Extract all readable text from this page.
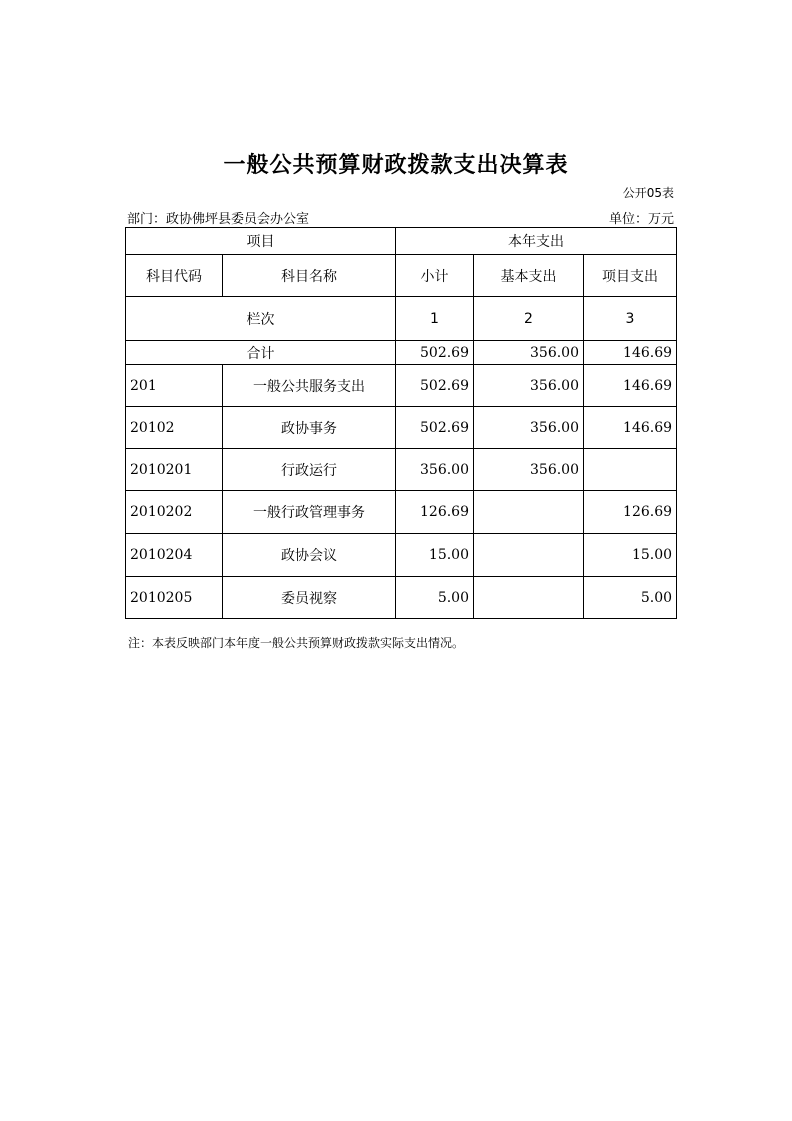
一般公共预算财政拨款支出决算表
公开05表
部门：政协佛坪县委员会办公室	单位：万元
项目		本年支出		
科目代码	科目名称	小计	基本支出	项目支出
栏次		1	2	3
合计		502.69	356.00	146.69
201	一般公共服务支出	502.69	356.00	146.69
20102	政协事务	502.69	356.00	146.69
2010201	行政运行	356.00	356.00	
2010202	一般行政管理事务	126.69		126.69
2010204	政协会议	15.00		15.00
2010205	委员视察	5.00		5.00
注：本表反映部门本年度一般公共预算财政拨款实际支出情况。
